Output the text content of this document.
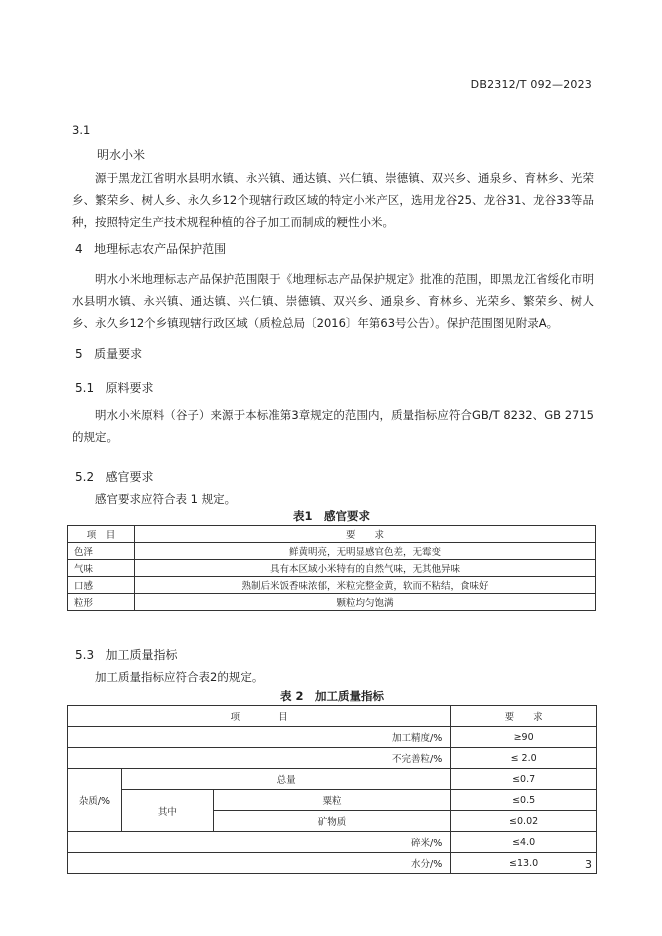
DB2312/T 092—2023
3.1
明水小米

源于黑龙江省明水县明水镇、永兴镇、通达镇、兴仁镇、崇德镇、双兴乡、通泉乡、育林乡、光荣乡、繁荣乡、树人乡、永久乡12个现辖行政区域的特定小米产区，选用龙谷25、龙谷31、龙谷33等品种，按照特定生产技术规程种植的谷子加工而制成的粳性小米。

4 地理标志农产品保护范围

明水小米地理标志产品保护范围限于《地理标志产品保护规定》批准的范围，即黑龙江省绥化市明水县明水镇、永兴镇、通达镇、兴仁镇、崇德镇、双兴乡、通泉乡、育林乡、光荣乡、繁荣乡、树人乡、永久乡12个乡镇现辖行政区域（质检总局〔2016〕年第63号公告）。保护范围图见附录A。

5 质量要求
5.1 原料要求

明水小米原料（谷子）来源于本标准第3章规定的范围内，质量指标应符合GB/T 8232、GB 2715的规定。

5.2 感官要求

感官要求应符合表 1 规定。

表1　感官要求
项　目	要　　求
色泽	鲜黄明亮，无明显感官色差，无霉变
气味	具有本区域小米特有的自然气味，无其他异味
口感	熟制后米饭香味浓郁，米粒完整金黄，软而不粘结，食味好
粒形	颗粒均匀饱满
5.3 加工质量指标

加工质量指标应符合表2的规定。

表 2　加工质量指标
项　　　　目			要　　求
加工精度/%			≥90
不完善粒/%			≤ 2.0
杂质/%	总量		≤0.7
	其中	粟粒	≤0.5
		矿物质	≤0.02
碎米/%			≤4.0
水分/%			≤13.0	3
